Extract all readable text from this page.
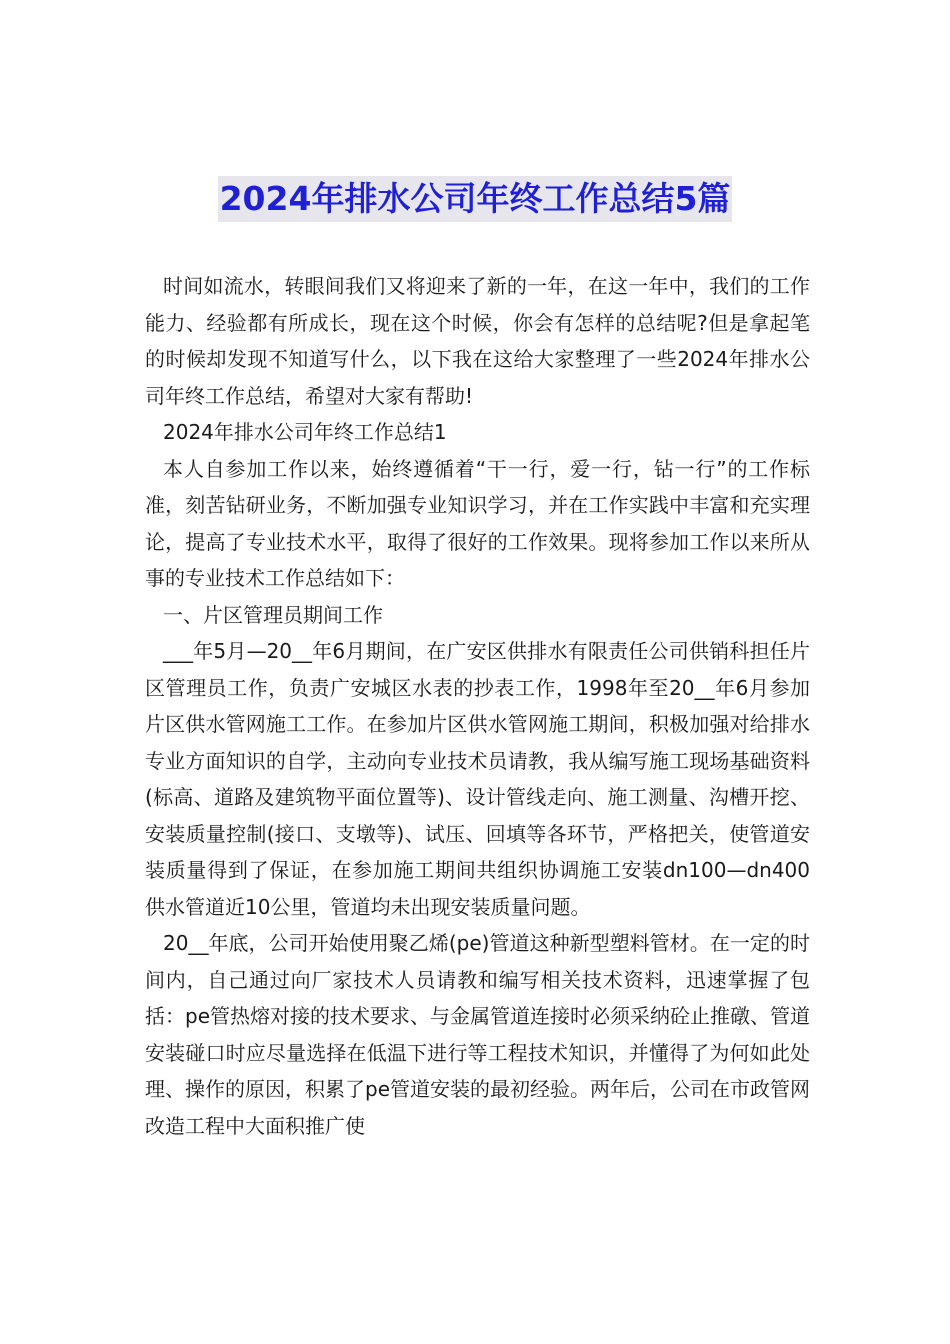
2024年排水公司年终工作总结5篇

时间如流水，转眼间我们又将迎来了新的一年，在这一年中，我们的工作能力、经验都有所成长，现在这个时候，你会有怎样的总结呢?但是拿起笔的时候却发现不知道写什么，以下我在这给大家整理了一些2024年排水公司年终工作总结，希望对大家有帮助!

2024年排水公司年终工作总结1

本人自参加工作以来，始终遵循着“干一行，爱一行，钻一行”的工作标准，刻苦钻研业务，不断加强专业知识学习，并在工作实践中丰富和充实理论，提高了专业技术水平，取得了很好的工作效果。现将参加工作以来所从事的专业技术工作总结如下：

一、片区管理员期间工作

___年5月—20__年6月期间，在广安区供排水有限责任公司供销科担任片区管理员工作，负责广安城区水表的抄表工作，1998年至20__年6月参加片区供水管网施工工作。在参加片区供水管网施工期间，积极加强对给排水专业方面知识的自学，主动向专业技术员请教，我从编写施工现场基础资料(标高、道路及建筑物平面位置等)、设计管线走向、施工测量、沟槽开挖、安装质量控制(接口、支墩等)、试压、回填等各环节，严格把关，使管道安装质量得到了保证，在参加施工期间共组织协调施工安装dn100—dn400供水管道近10公里，管道均未出现安装质量问题。

20__年底，公司开始使用聚乙烯(pe)管道这种新型塑料管材。在一定的时间内，自己通过向厂家技术人员请教和编写相关技术资料，迅速掌握了包括：pe管热熔对接的技术要求、与金属管道连接时必须采纳砼止推礅、管道安装碰口时应尽量选择在低温下进行等工程技术知识，并懂得了为何如此处理、操作的原因，积累了pe管道安装的最初经验。两年后，公司在市政管网改造工程中大面积推广使
